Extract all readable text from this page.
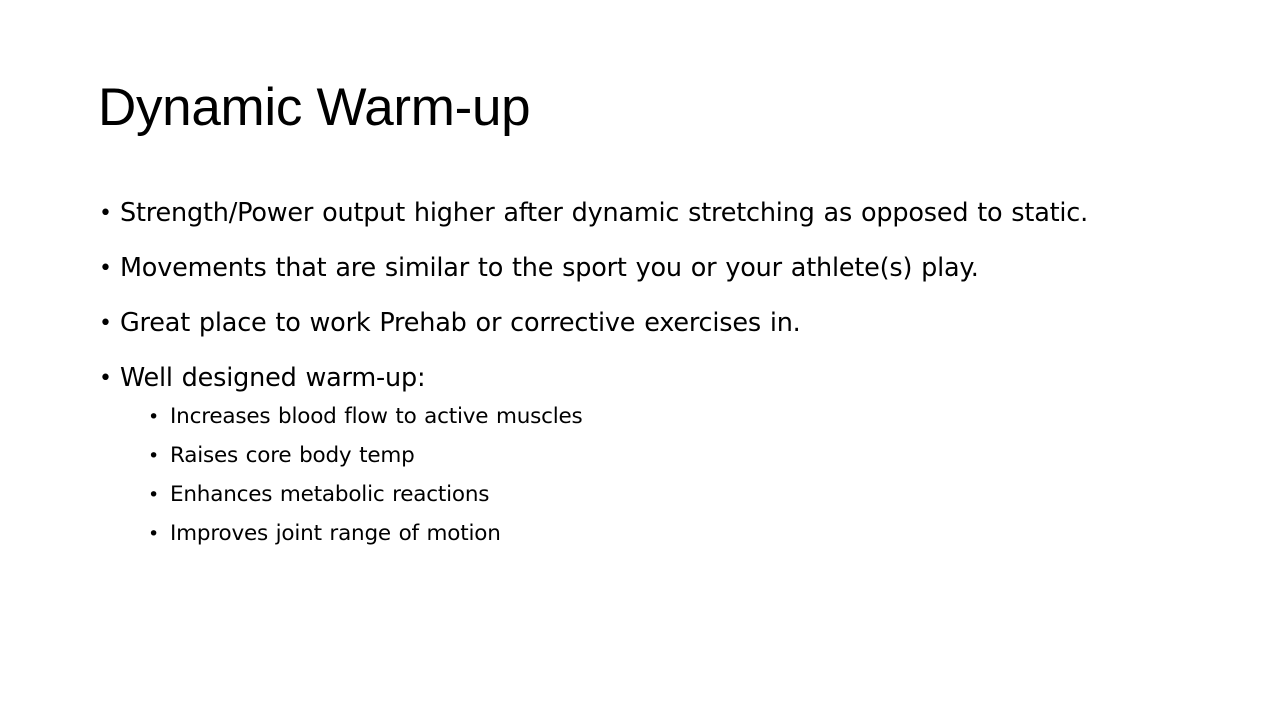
Dynamic Warm-up
• Strength/Power output higher after dynamic stretching as opposed to static.
• Movements that are similar to the sport you or your athlete(s) play.
• Great place to work Prehab or corrective exercises in.
• Well designed warm-up:
• Increases blood flow to active muscles
• Raises core body temp
• Enhances metabolic reactions
• Improves joint range of motion
